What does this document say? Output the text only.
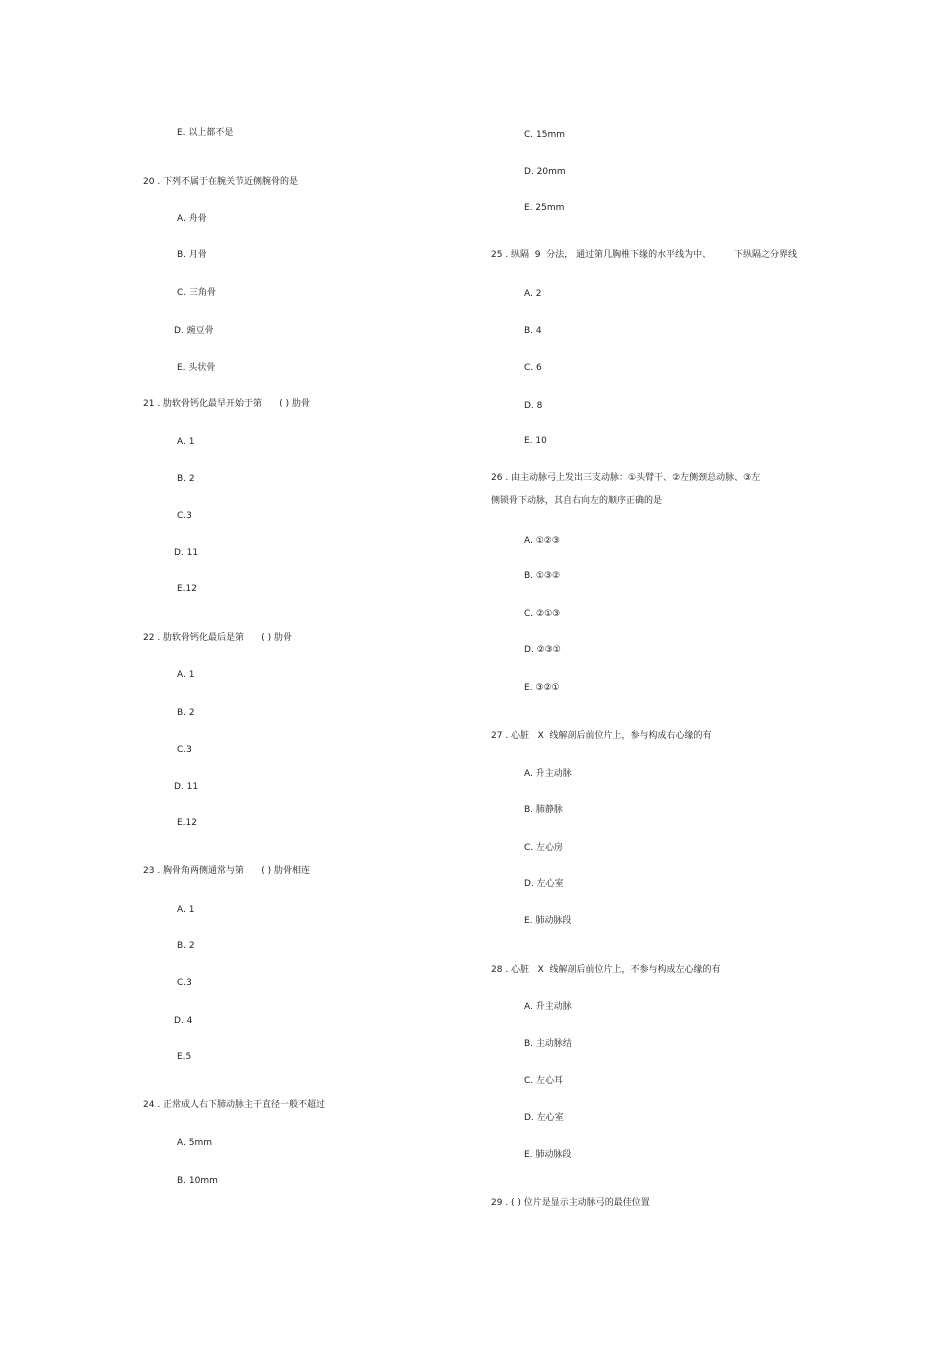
E. 以上都不是
20 . 下列不属于在腕关节近侧腕骨的是
A. 舟骨
B. 月骨
C. 三角骨
D. 豌豆骨
E. 头状骨
21 . 肋软骨钙化最早开始于第      ( ) 肋骨
A. 1
B. 2
C.3
D. 11
E.12
22 . 肋软骨钙化最后是第      ( ) 肋骨
A. 1
B. 2
C.3
D. 11
E.12
23 . 胸骨角两侧通常与第      ( ) 肋骨相连
A. 1
B. 2
C.3
D. 4
E.5
24 . 正常成人右下肺动脉主干直径一般不超过
A. 5mm
B. 10mm
C. 15mm
D. 20mm
E. 25mm
25 . 纵隔  9  分法， 通过第几胸椎下缘的水平线为中、        下纵隔之分界线
A. 2
B. 4
C. 6
D. 8
E. 10
26 . 由主动脉弓上发出三支动脉：①头臂干、②左侧颈总动脉、③左
侧锁骨下动脉，其自右向左的顺序正确的是
A. ①②③
B. ①③②
C. ②①③
D. ②③①
E. ③②①
27 . 心脏   X  线解剖后前位片上，参与构成右心缘的有
A. 升主动脉
B. 肺静脉
C. 左心房
D. 左心室
E. 肺动脉段
28 . 心脏   X  线解剖后前位片上，不参与构成左心缘的有
A. 升主动脉
B. 主动脉结
C. 左心耳
D. 左心室
E. 肺动脉段
29 . ( ) 位片是显示主动脉弓的最佳位置
